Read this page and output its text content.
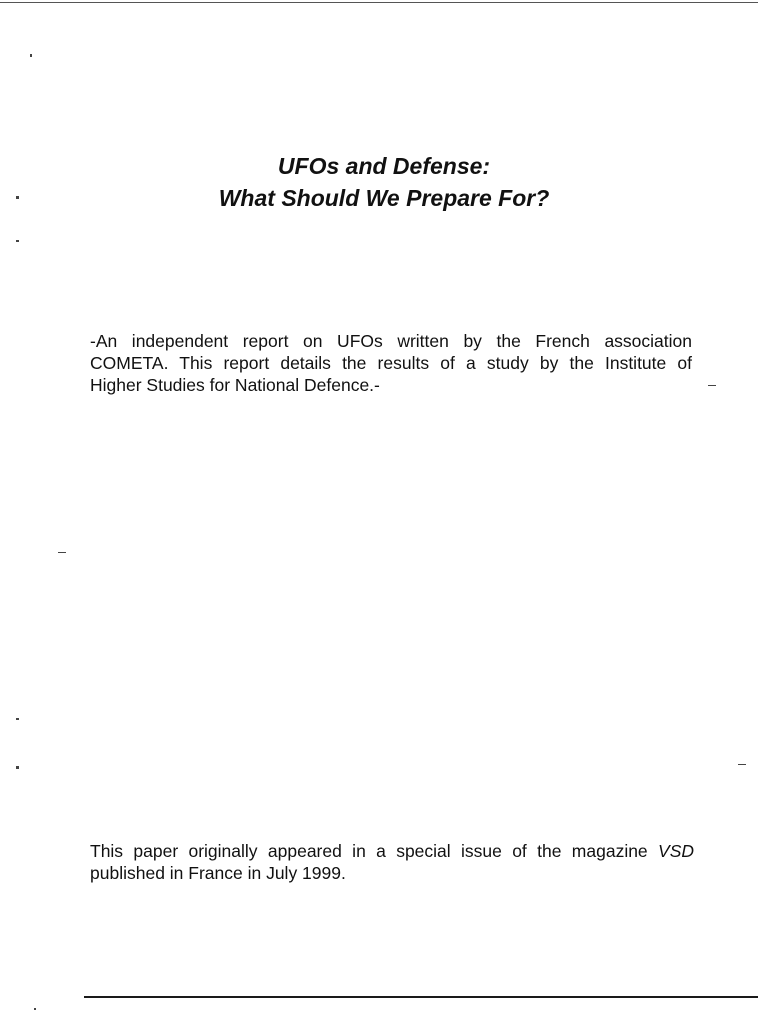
UFOs and Defense:
What Should We Prepare For?

-An independent report on UFOs written by the French association

COMETA. This report details the results of a study by the Institute of

Higher Studies for National Defence.-

This paper originally appeared in a special issue of the magazine VSD

published in France in July 1999.
